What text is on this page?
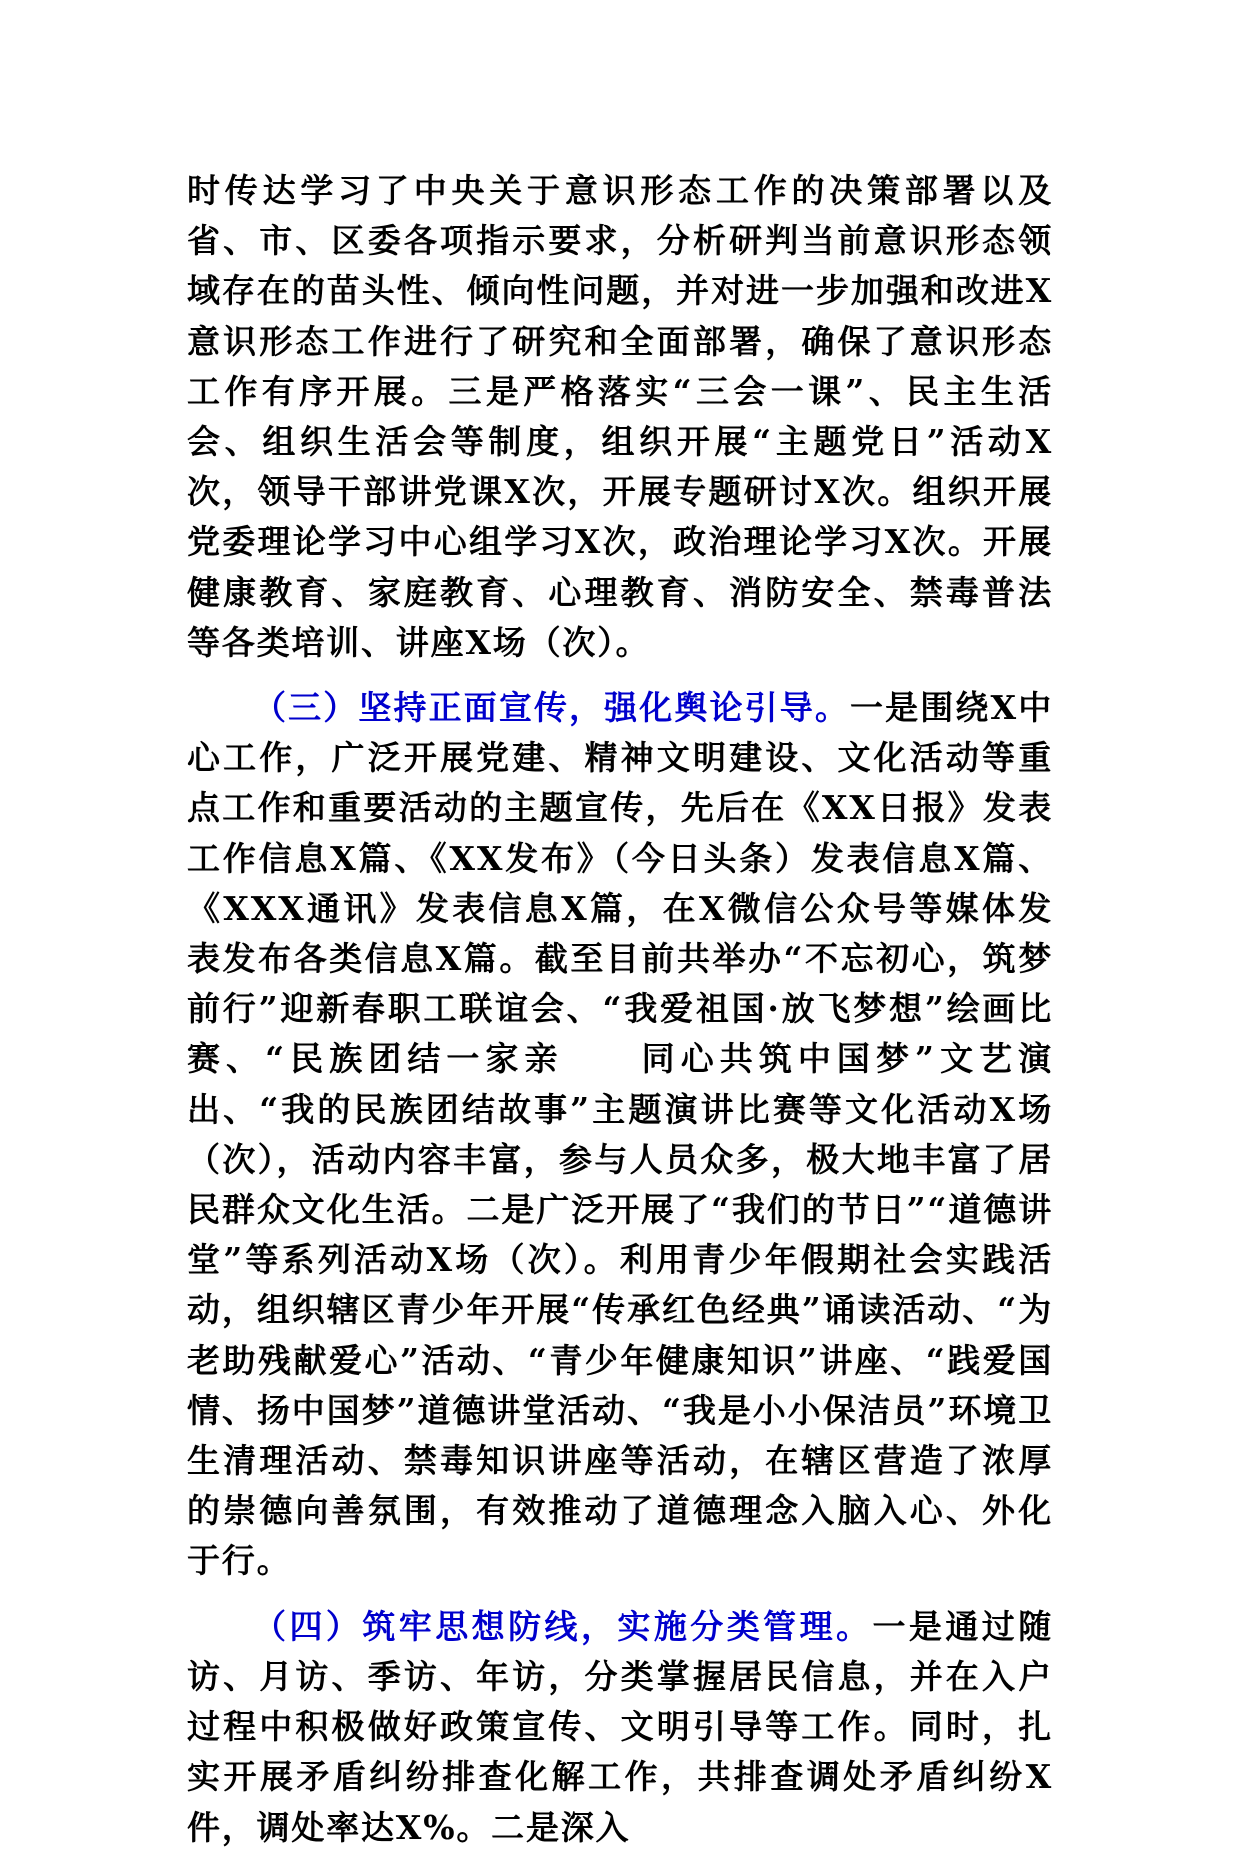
时传达学习了中央关于意识形态工作的决策部署以及省、市、区委各项指示要求，分析研判当前意识形态领域存在的苗头性、倾向性问题，并对进一步加强和改进X意识形态工作进行了研究和全面部署，确保了意识形态工作有序开展。三是严格落实“三会一课”、民主生活会、组织生活会等制度，组织开展“主题党日”活动X次，领导干部讲党课X次，开展专题研讨X次。组织开展党委理论学习中心组学习X次，政治理论学习X次。开展健康教育、家庭教育、心理教育、消防安全、禁毒普法等各类培训、讲座X场（次）。

（三）坚持正面宣传，强化舆论引导。一是围绕X中心工作，广泛开展党建、精神文明建设、文化活动等重点工作和重要活动的主题宣传，先后在《XX日报》发表工作信息X篇、《XX发布》（今日头条）发表信息X篇、《XXX通讯》发表信息X篇，在X微信公众号等媒体发表发布各类信息X篇。截至目前共举办“不忘初心，筑梦前行”迎新春职工联谊会、“我爱祖国·放飞梦想”绘画比赛、“民族团结一家亲　　同心共筑中国梦”文艺演出、“我的民族团结故事”主题演讲比赛等文化活动X场（次），活动内容丰富，参与人员众多，极大地丰富了居民群众文化生活。二是广泛开展了“我们的节日”“道德讲堂”等系列活动X场（次）。利用青少年假期社会实践活动，组织辖区青少年开展“传承红色经典”诵读活动、“为老助残献爱心”活动、“青少年健康知识”讲座、“践爱国情、扬中国梦”道德讲堂活动、“我是小小保洁员”环境卫生清理活动、禁毒知识讲座等活动，在辖区营造了浓厚的崇德向善氛围，有效推动了道德理念入脑入心、外化于行。

（四）筑牢思想防线，实施分类管理。一是通过随访、月访、季访、年访，分类掌握居民信息，并在入户过程中积极做好政策宣传、文明引导等工作。同时，扎实开展矛盾纠纷排查化解工作，共排查调处矛盾纠纷X件，调处率达X%。二是深入
